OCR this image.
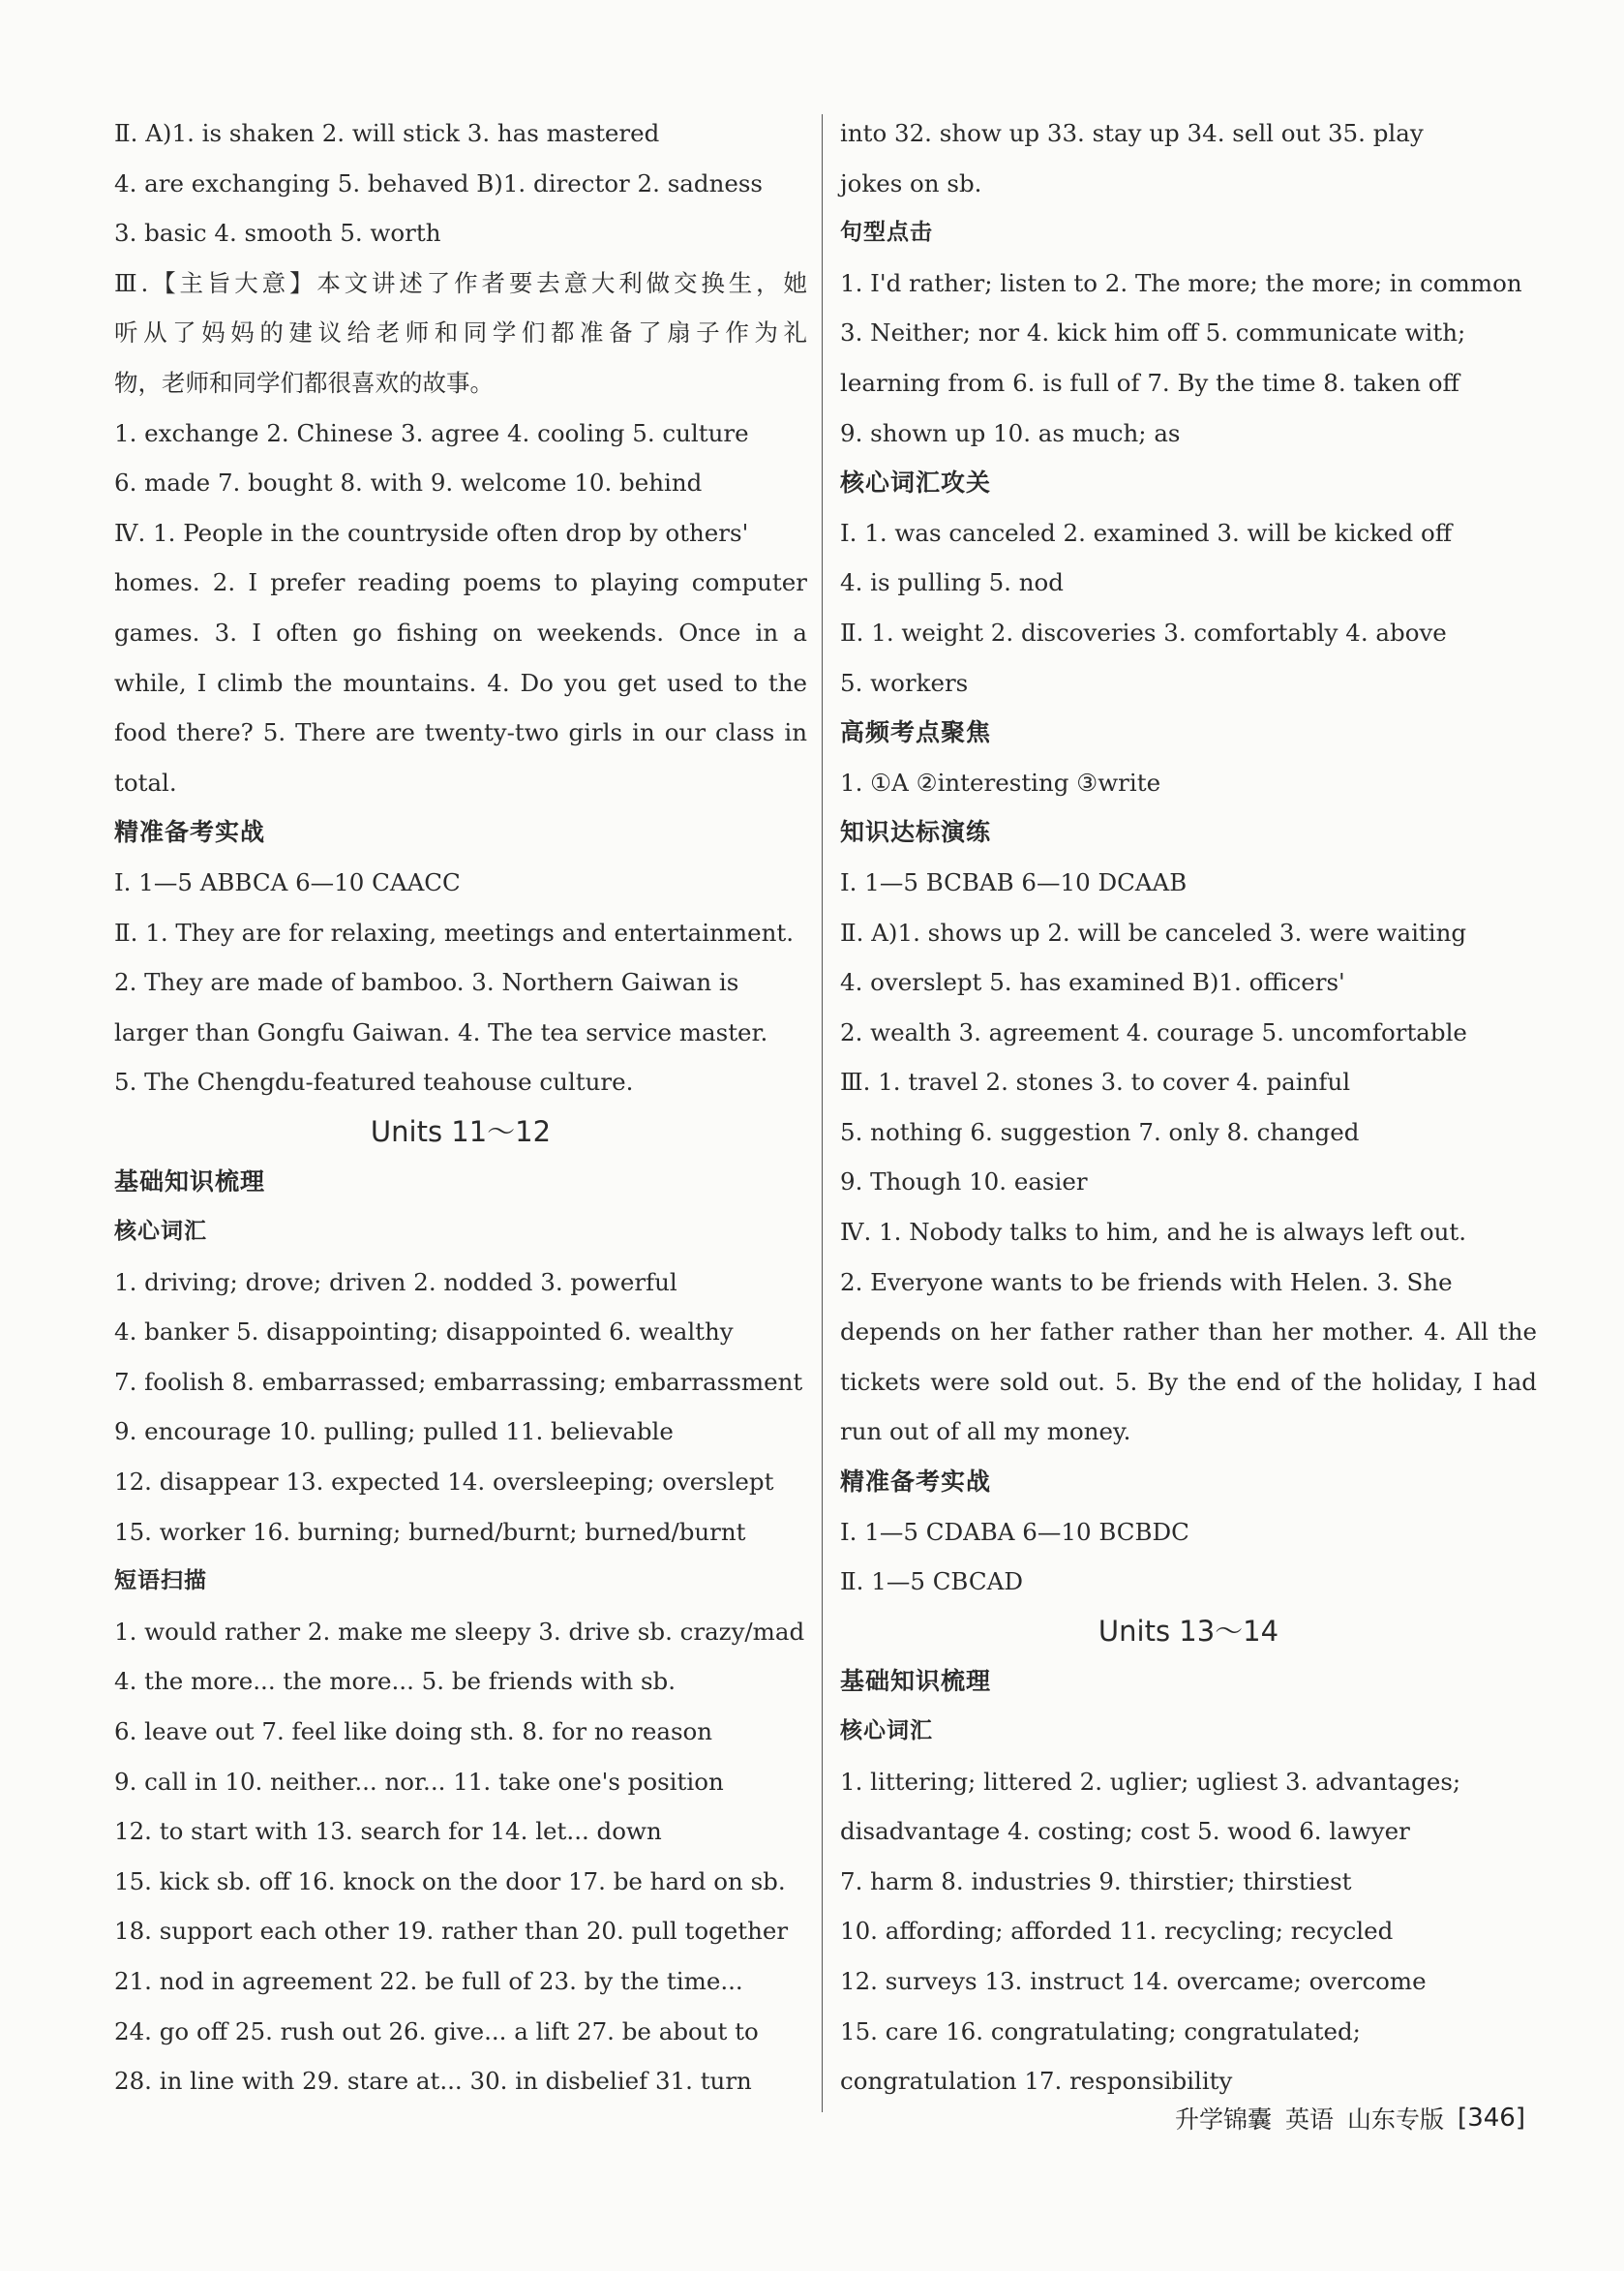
Ⅱ. A)1. is shaken 2. will stick 3. has mastered
4. are exchanging 5. behaved B)1. director 2. sadness
3. basic 4. smooth 5. worth
Ⅲ.【主旨大意】本文讲述了作者要去意大利做交换生，她
听从了妈妈的建议给老师和同学们都准备了扇子作为礼
物，老师和同学们都很喜欢的故事。
1. exchange 2. Chinese 3. agree 4. cooling 5. culture
6. made 7. bought 8. with 9. welcome 10. behind
Ⅳ. 1. People in the countryside often drop by others'
homes. 2. I prefer reading poems to playing computer
games. 3. I often go fishing on weekends. Once in a
while, I climb the mountains. 4. Do you get used to the
food there? 5. There are twenty-two girls in our class in
total.
精准备考实战
Ⅰ. 1—5 ABBCA 6—10 CAACC
Ⅱ. 1. They are for relaxing, meetings and entertainment.
2. They are made of bamboo. 3. Northern Gaiwan is
larger than Gongfu Gaiwan. 4. The tea service master.
5. The Chengdu-featured teahouse culture.
Units 11～12
基础知识梳理
核心词汇
1. driving; drove; driven 2. nodded 3. powerful
4. banker 5. disappointing; disappointed 6. wealthy
7. foolish 8. embarrassed; embarrassing; embarrassment
9. encourage 10. pulling; pulled 11. believable
12. disappear 13. expected 14. oversleeping; overslept
15. worker 16. burning; burned/burnt; burned/burnt
短语扫描
1. would rather 2. make me sleepy 3. drive sb. crazy/mad
4. the more... the more... 5. be friends with sb.
6. leave out 7. feel like doing sth. 8. for no reason
9. call in 10. neither... nor... 11. take one's position
12. to start with 13. search for 14. let... down
15. kick sb. off 16. knock on the door 17. be hard on sb.
18. support each other 19. rather than 20. pull together
21. nod in agreement 22. be full of 23. by the time...
24. go off 25. rush out 26. give... a lift 27. be about to
28. in line with 29. stare at... 30. in disbelief 31. turn
into 32. show up 33. stay up 34. sell out 35. play
jokes on sb.
句型点击
1. I'd rather; listen to 2. The more; the more; in common
3. Neither; nor 4. kick him off 5. communicate with;
learning from 6. is full of 7. By the time 8. taken off
9. shown up 10. as much; as
核心词汇攻关
Ⅰ. 1. was canceled 2. examined 3. will be kicked off
4. is pulling 5. nod
Ⅱ. 1. weight 2. discoveries 3. comfortably 4. above
5. workers
高频考点聚焦
1. ①A ②interesting ③write
知识达标演练
Ⅰ. 1—5 BCBAB 6—10 DCAAB
Ⅱ. A)1. shows up 2. will be canceled 3. were waiting
4. overslept 5. has examined B)1. officers'
2. wealth 3. agreement 4. courage 5. uncomfortable
Ⅲ. 1. travel 2. stones 3. to cover 4. painful
5. nothing 6. suggestion 7. only 8. changed
9. Though 10. easier
Ⅳ. 1. Nobody talks to him, and he is always left out.
2. Everyone wants to be friends with Helen. 3. She
depends on her father rather than her mother. 4. All the
tickets were sold out. 5. By the end of the holiday, I had
run out of all my money.
精准备考实战
Ⅰ. 1—5 CDABA 6—10 BCBDC
Ⅱ. 1—5 CBCAD
Units 13～14
基础知识梳理
核心词汇
1. littering; littered 2. uglier; ugliest 3. advantages;
disadvantage 4. costing; cost 5. wood 6. lawyer
7. harm 8. industries 9. thirstier; thirstiest
10. affording; afforded 11. recycling; recycled
12. surveys 13. instruct 14. overcame; overcome
15. care 16. congratulating; congratulated;
congratulation 17. responsibility
升学锦囊 英语 山东专版 [346]
